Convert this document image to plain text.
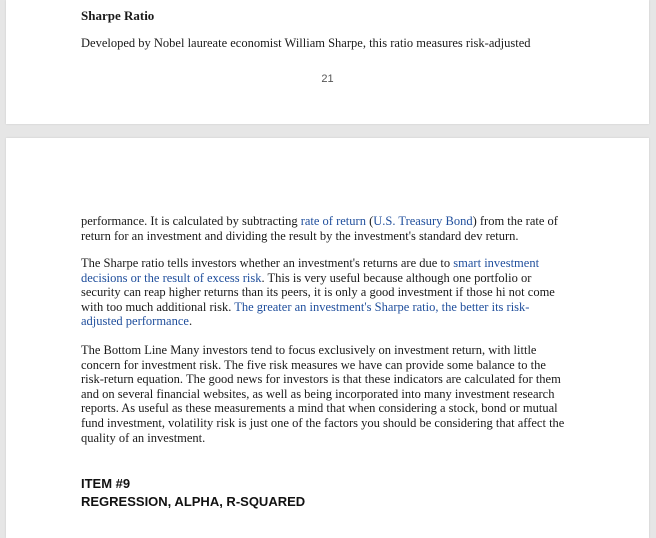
Sharpe Ratio
Developed by Nobel laureate economist William Sharpe, this ratio measures risk-adjusted
21

performance. It is calculated by subtracting rate of return (U.S. Treasury Bond) from the rate of return for an investment and dividing the result by the investment's standard dev return.

The Sharpe ratio tells investors whether an investment's returns are due to smart investment decisions or the result of excess risk. This is very useful because although one portfolio or security can reap higher returns than its peers, it is only a good investment if those hi not come with too much additional risk. The greater an investment's Sharpe ratio, the better its risk-adjusted performance.

The Bottom Line Many investors tend to focus exclusively on investment return, with little concern for investment risk. The five risk measures we have can provide some balance to the risk-return equation. The good news for investors is that these indicators are calculated for them and on several financial websites, as well as being incorporated into many investment research reports. As useful as these measurements a mind that when considering a stock, bond or mutual fund investment, volatility risk is just one of the factors you should be considering that affect the quality of an investment.

ITEM #9
REGRESSION, ALPHA, R-SQUARED
